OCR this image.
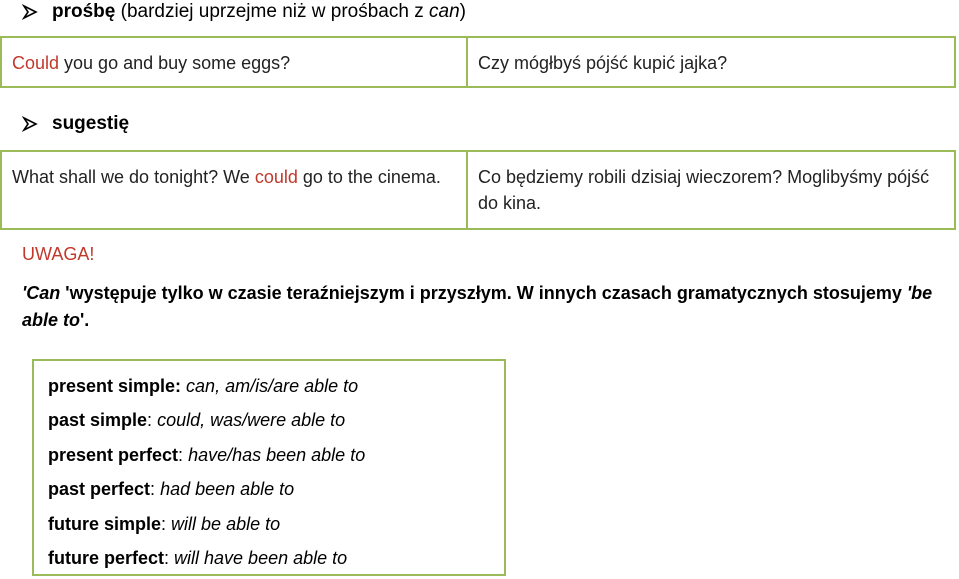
prośbę (bardziej uprzejme niż w prośbach z can)
Could you go and buy some eggs?	Czy mógłbyś pójść kupić jajka?
sugestię
What shall we do tonight? We could go to the cinema.	Co będziemy robili dzisiaj wieczorem? Moglibyśmy pójść do kina.
UWAGA!
'Can 'występuje tylko w czasie teraźniejszym i przyszłym. W innych czasach gramatycznych stosujemy 'be able to'.
present simple: can, am/is/are able to
past simple: could, was/were able to
present perfect: have/has been able to
past perfect: had been able to
future simple: will be able to
future perfect: will have been able to
